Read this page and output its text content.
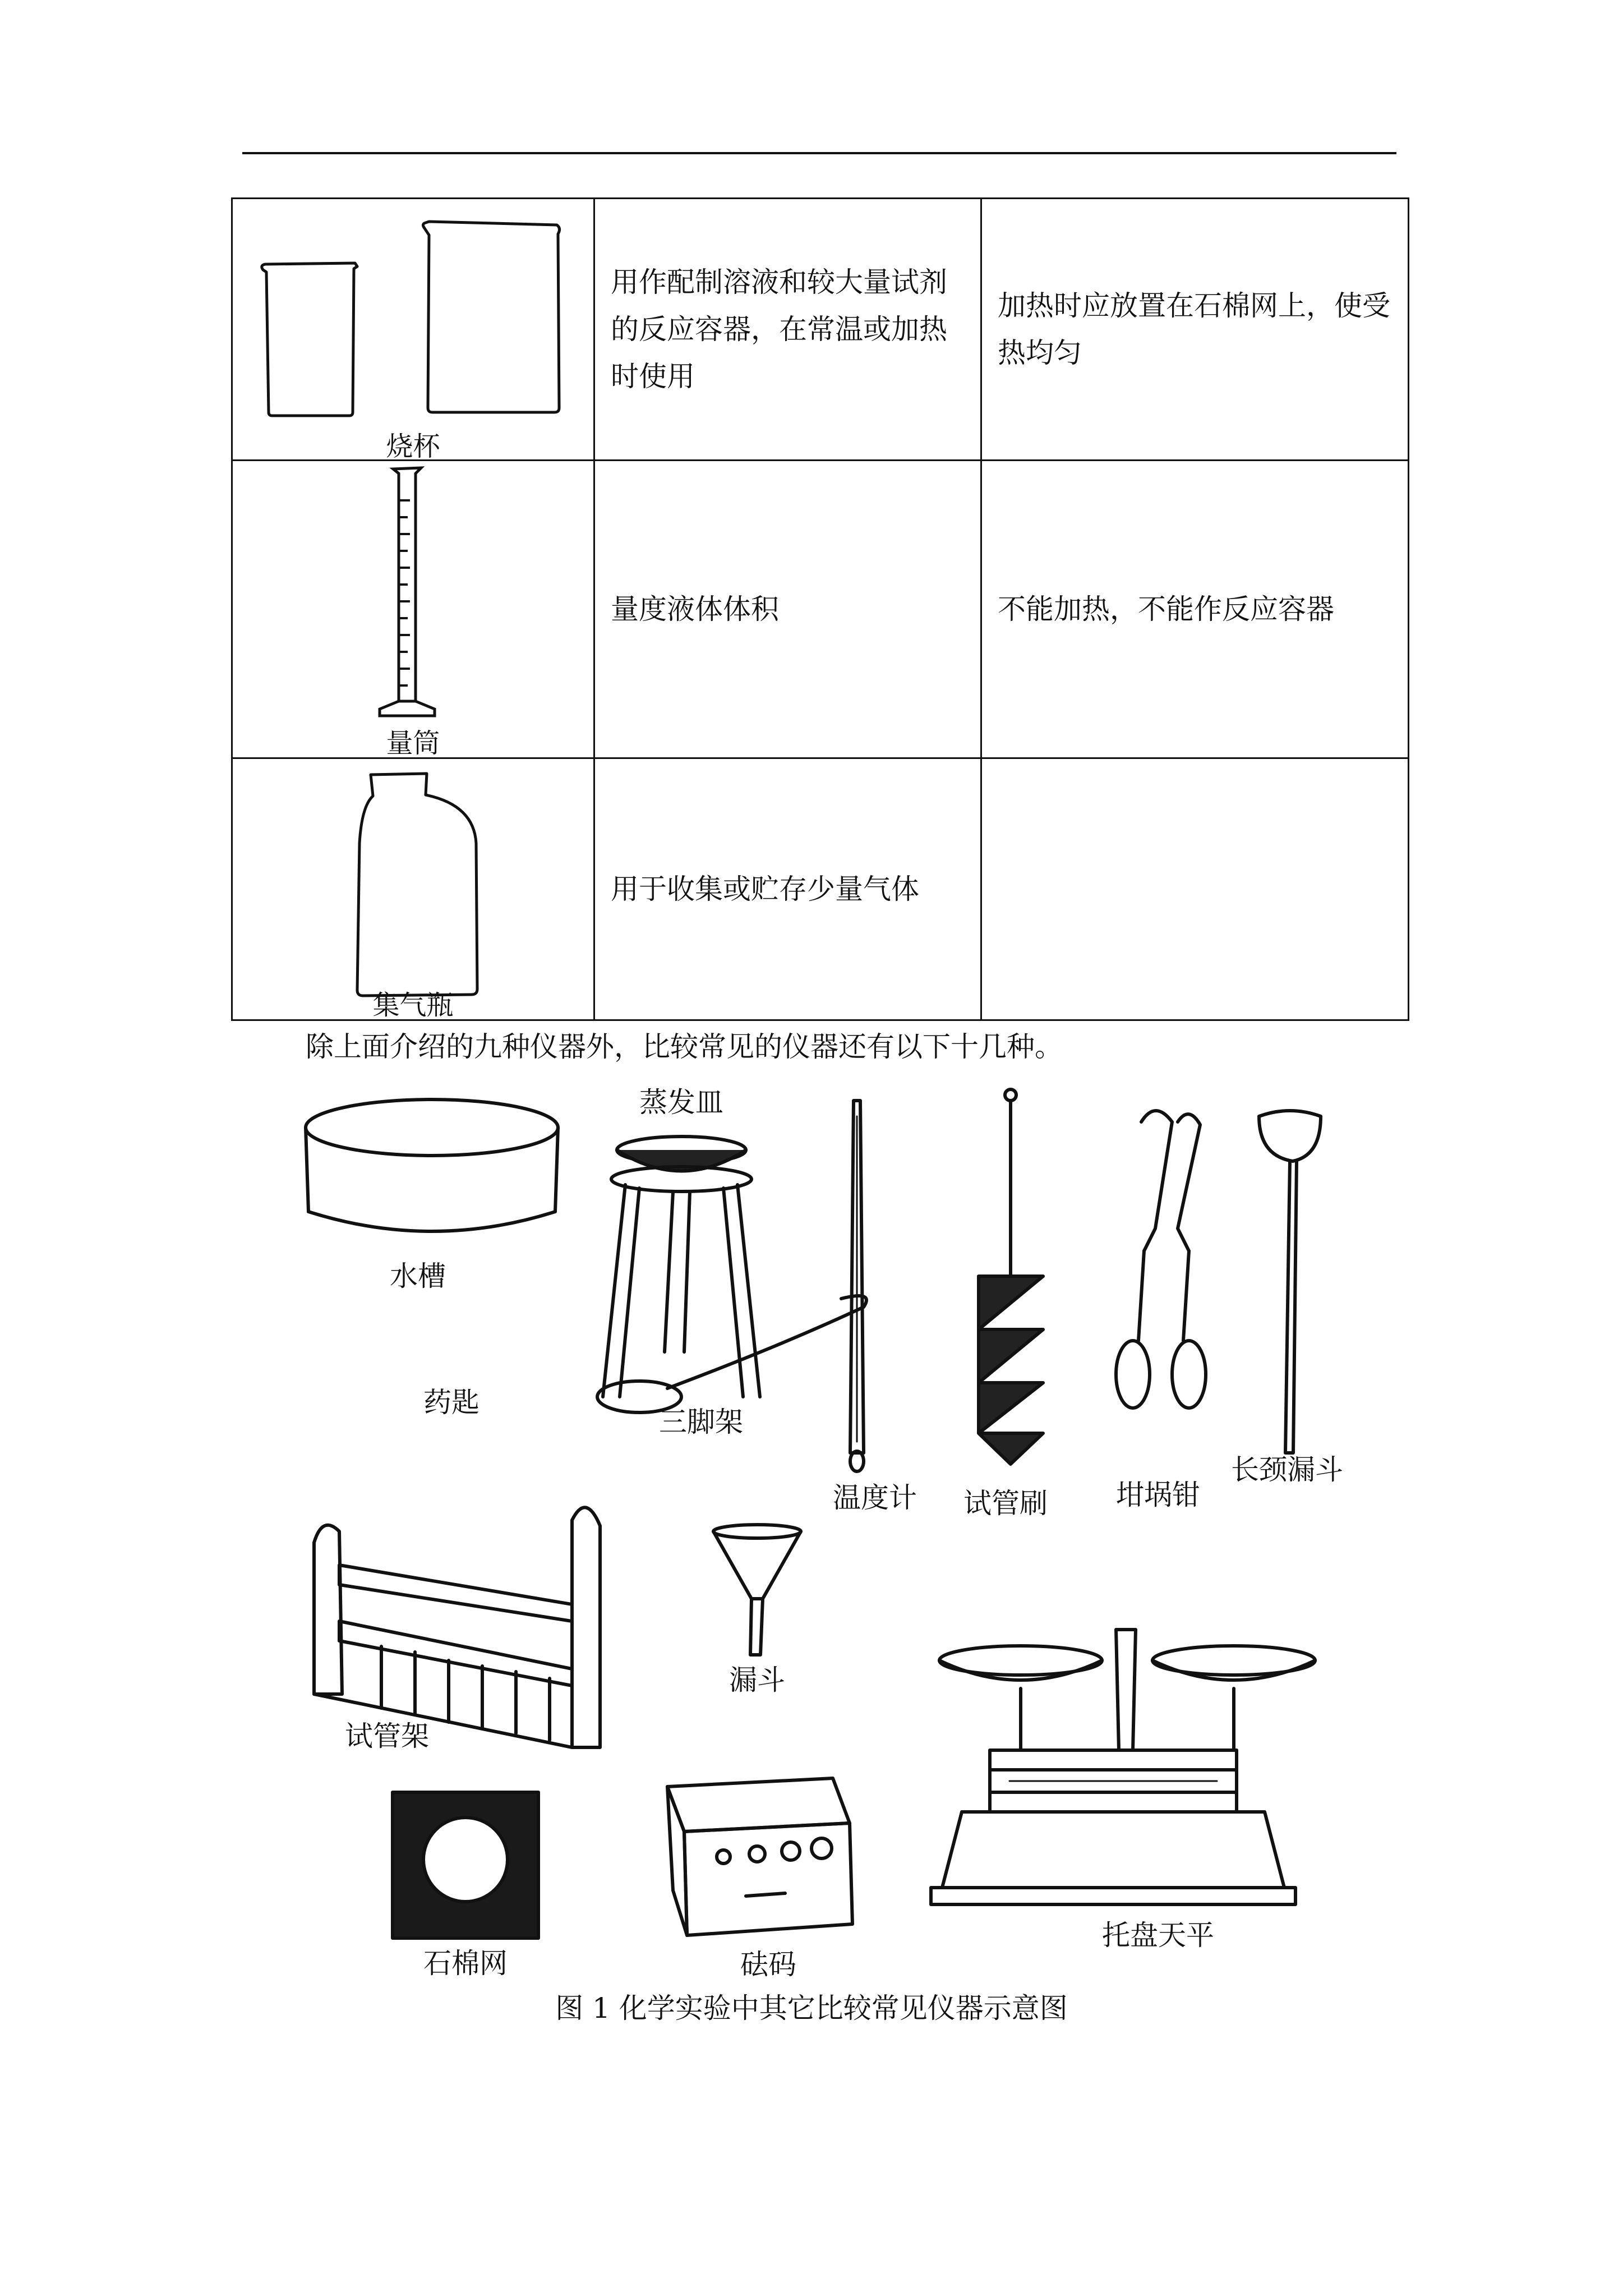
烧杯	用作配制溶液和较大量试剂的反应容器，在常温或加热时使用	加热时应放置在石棉网上，使受热均匀

量筒	量度液体体积	不能加热，不能作反应容器

集气瓶	用于收集或贮存少量气体	
除上面介绍的九种仪器外，比较常见的仪器还有以下十几种。
水槽
蒸发皿
药匙
三脚架
温度计 试管刷 坩埚钳
长颈漏斗
试管架
漏斗
石棉网	砝码
托盘天平
图 1 化学实验中其它比较常见仪器示意图
